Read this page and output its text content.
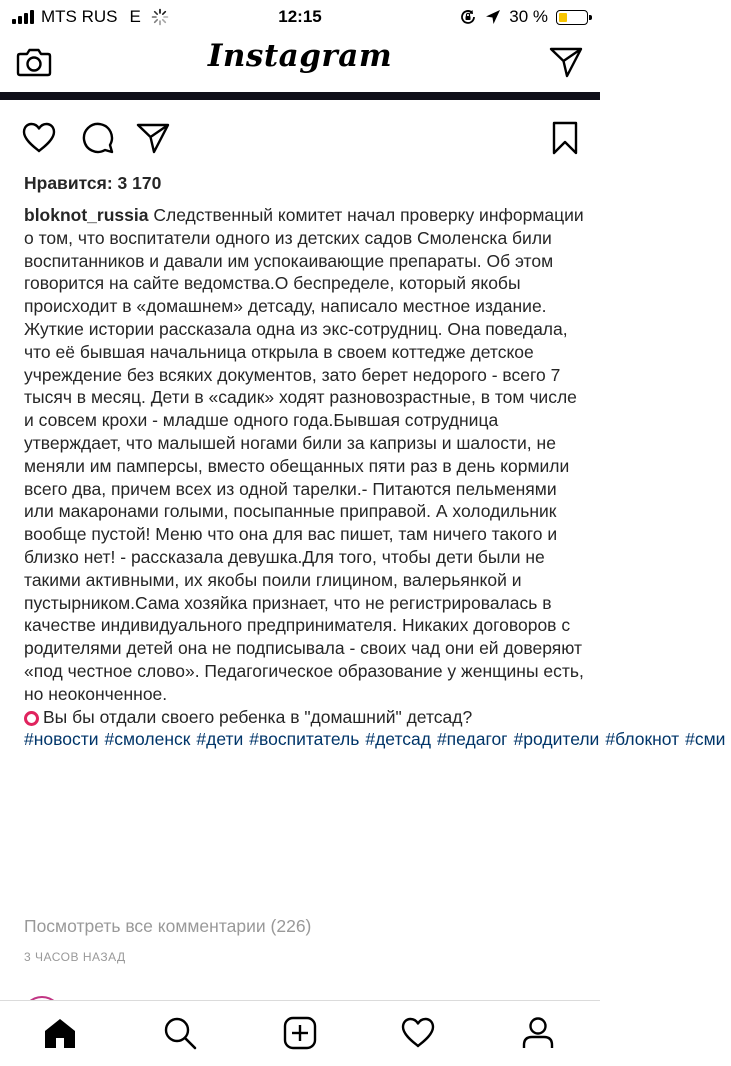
MTS RUS E	12:15	30 %
Instagram
Нравится: 3 170
bloknot_russia Следственный комитет начал проверку информации о том, что воспитатели одного из детских садов Смоленска били воспитанников и давали им успокаивающие препараты. Об этом говорится на сайте ведомства.О беспределе, который якобы происходит в «домашнем» детсаду, написало местное издание. Жуткие истории рассказала одна из экс-сотрудниц. Она поведала, что её бывшая начальница открыла в своем коттедже детское учреждение без всяких документов, зато берет недорого - всего 7 тысяч в месяц. Дети в «садик» ходят разновозрастные, в том числе и совсем крохи - младше одного года.Бывшая сотрудница утверждает, что малышей ногами били за капризы и шалости, не меняли им памперсы, вместо обещанных пяти раз в день кормили всего два, причем всех из одной тарелки.- Питаются пельменями или макаронами голыми, посыпанные приправой. А холодильник вообще пустой! Меню что она для вас пишет, там ничего такого и близко нет! - рассказала девушка.Для того, чтобы дети были не такими активными, их якобы поили глицином, валерьянкой и пустырником.Сама хозяйка признает, что не регистрировалась в качестве индивидуального предпринимателя. Никаких договоров с родителями детей она не подписывала - своих чад они ей доверяют «под честное слово». Педагогическое образование у женщины есть, но неоконченное.
Вы бы отдали своего ребенка в "домашний" детсад?
#новости #смоленск #дети #воспитатель #детсад #педагог #родители #блокнот #сми
Посмотреть все комментарии (226)
3 ЧАСОВ НАЗАД
